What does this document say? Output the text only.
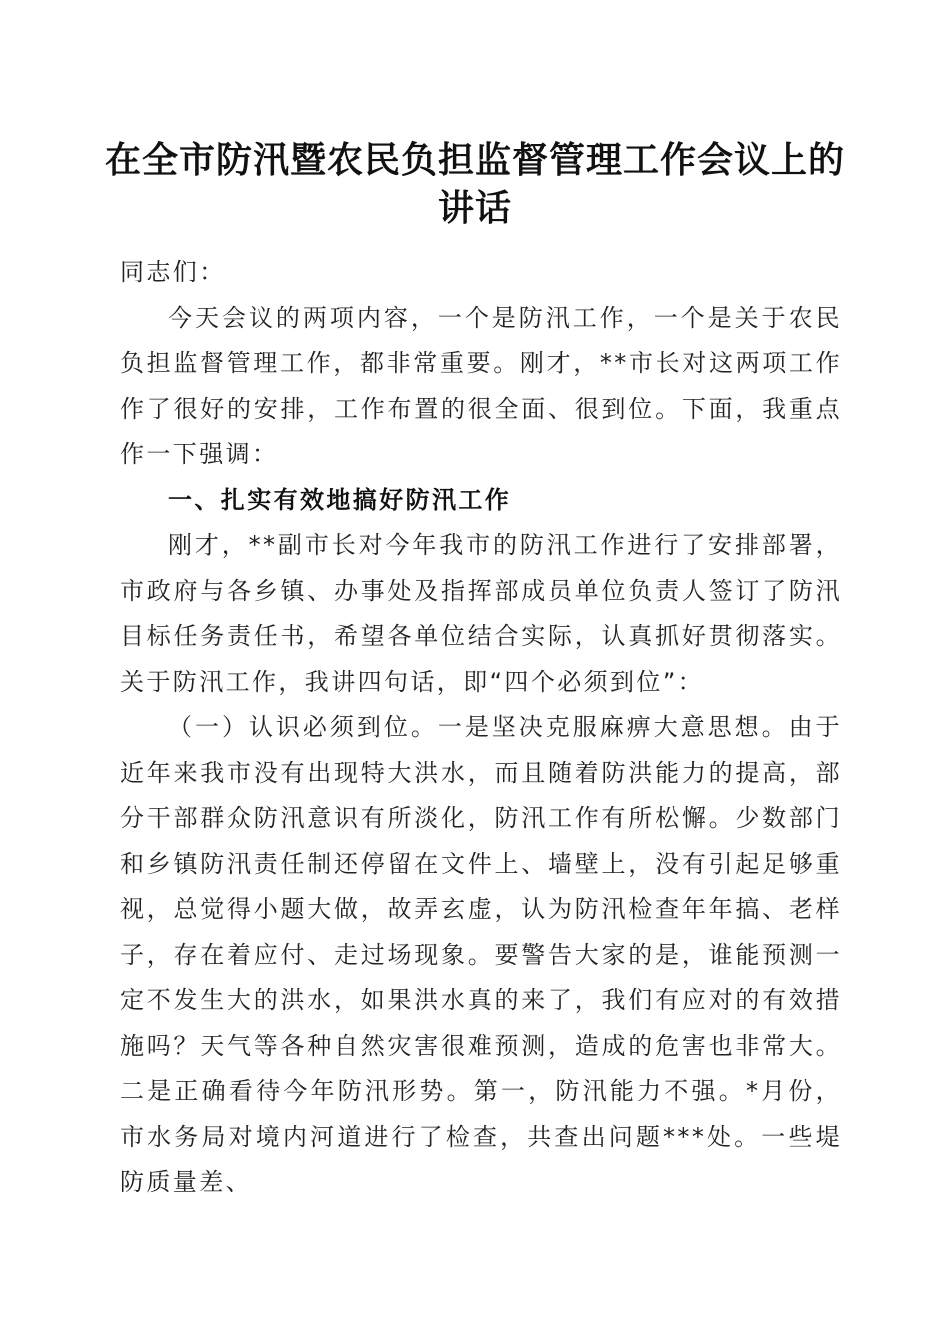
在全市防汛暨农民负担监督管理工作会议上的讲话

同志们：

今天会议的两项内容，一个是防汛工作，一个是关于农民负担监督管理工作，都非常重要。刚才，**市长对这两项工作作了很好的安排，工作布置的很全面、很到位。下面，我重点作一下强调：

一、扎实有效地搞好防汛工作

刚才，**副市长对今年我市的防汛工作进行了安排部署，市政府与各乡镇、办事处及指挥部成员单位负责人签订了防汛目标任务责任书，希望各单位结合实际，认真抓好贯彻落实。关于防汛工作，我讲四句话，即“四个必须到位”：

（一）认识必须到位。一是坚决克服麻痹大意思想。由于近年来我市没有出现特大洪水，而且随着防洪能力的提高，部分干部群众防汛意识有所淡化，防汛工作有所松懈。少数部门和乡镇防汛责任制还停留在文件上、墙壁上，没有引起足够重视，总觉得小题大做，故弄玄虚，认为防汛检查年年搞、老样子，存在着应付、走过场现象。要警告大家的是，谁能预测一定不发生大的洪水，如果洪水真的来了，我们有应对的有效措施吗？天气等各种自然灾害很难预测，造成的危害也非常大。二是正确看待今年防汛形势。第一，防汛能力不强。*月份，市水务局对境内河道进行了检查，共查出问题***处。一些堤防质量差、
